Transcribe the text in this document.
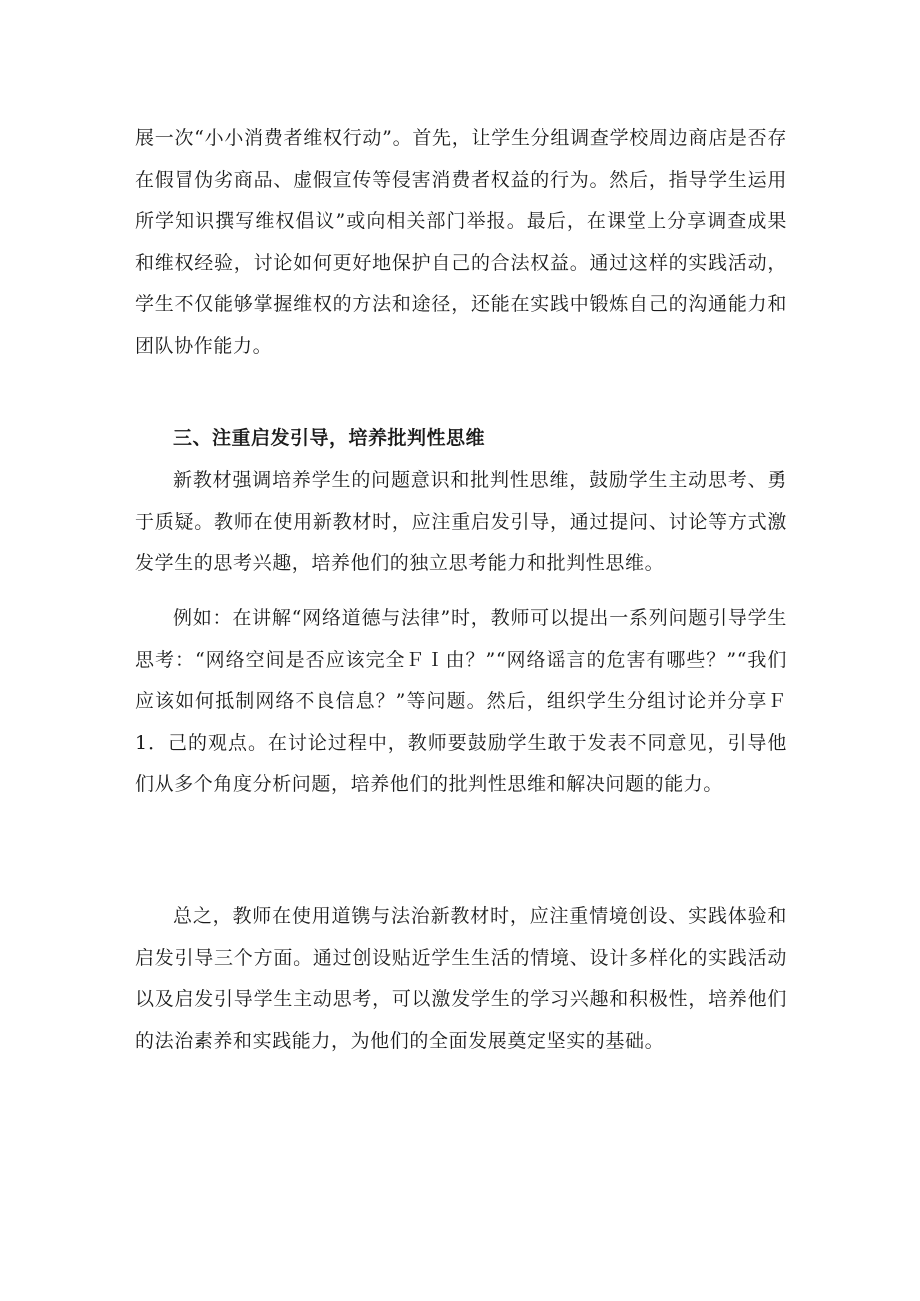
展一次“小小消费者维权行动”。首先，让学生分组调查学校周边商店是否存在假冒伪劣商品、虚假宣传等侵害消费者权益的行为。然后，指导学生运用所学知识撰写维权倡议”或向相关部门举报。最后，在课堂上分享调查成果和维权经验，讨论如何更好地保护自己的合法权益。通过这样的实践活动，学生不仅能够掌握维权的方法和途径，还能在实践中锻炼自己的沟通能力和团队协作能力。

三、注重启发引导，培养批判性思维

新教材强调培养学生的问题意识和批判性思维，鼓励学生主动思考、勇于质疑。教师在使用新教材时，应注重启发引导，通过提问、讨论等方式激发学生的思考兴趣，培养他们的独立思考能力和批判性思维。

例如：在讲解“网络道德与法律”时，教师可以提出一系列问题引导学生思考：“网络空间是否应该完全ＦＩ由？”“网络谣言的危害有哪些？”“我们应该如何抵制网络不良信息？”等问题。然后，组织学生分组讨论并分享Ｆ1．己的观点。在讨论过程中，教师要鼓励学生敢于发表不同意见，引导他们从多个角度分析问题，培养他们的批判性思维和解决问题的能力。

总之，教师在使用道镌与法治新教材时，应注重情境创设、实践体验和启发引导三个方面。通过创设贴近学生生活的情境、设计多样化的实践活动以及启发引导学生主动思考，可以激发学生的学习兴趣和积极性，培养他们的法治素养和实践能力，为他们的全面发展奠定坚实的基础。
